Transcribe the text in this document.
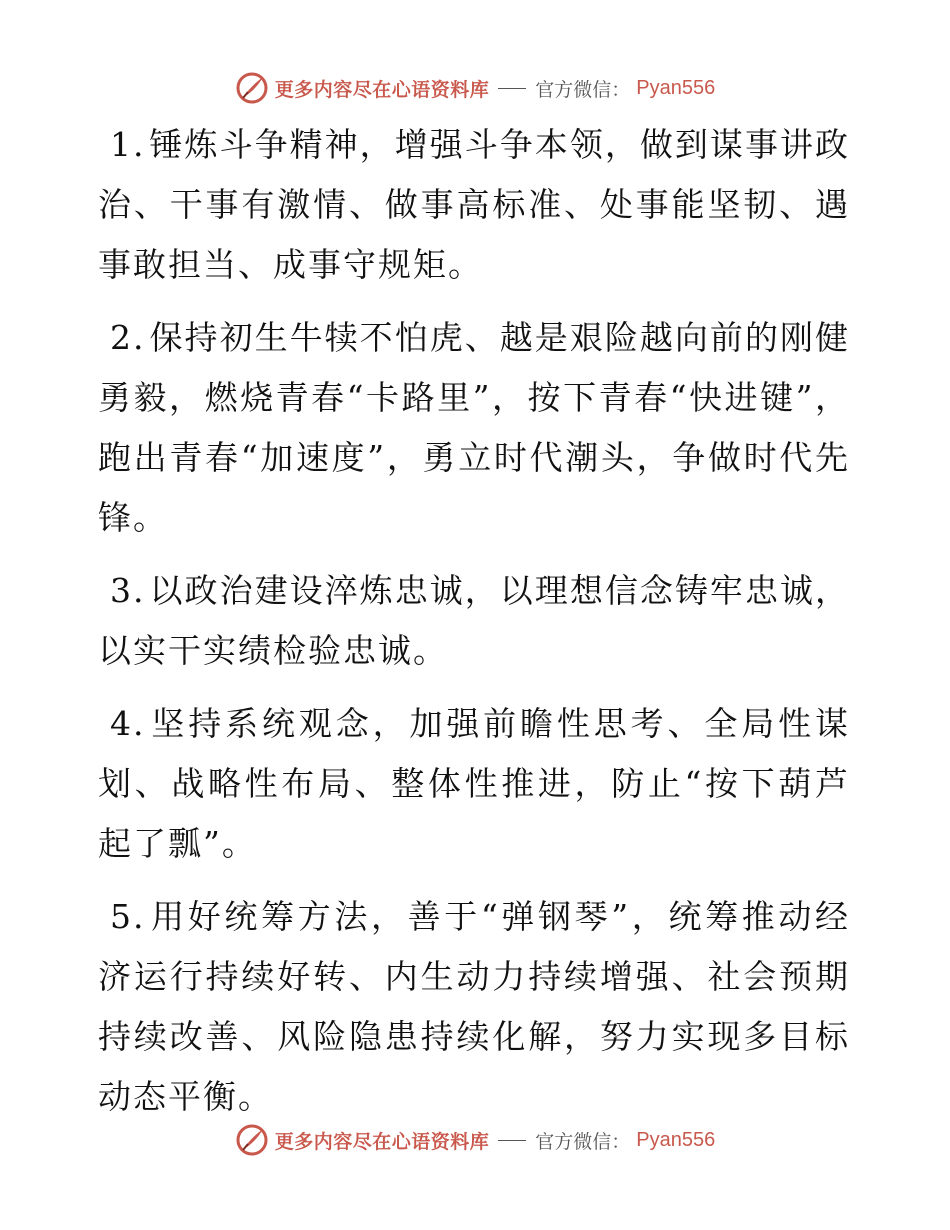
更多内容尽在心语资料库 官方微信： Pyan556

1. 锤炼斗争精神，增强斗争本领，做到谋事讲政治、干事有激情、做事高标准、处事能坚韧、遇事敢担当、成事守规矩。

2. 保持初生牛犊不怕虎、越是艰险越向前的刚健勇毅，燃烧青春“卡路里”，按下青春“快进键”，跑出青春“加速度”，勇立时代潮头，争做时代先锋。

3. 以政治建设淬炼忠诚，以理想信念铸牢忠诚，以实干实绩检验忠诚。

4. 坚持系统观念，加强前瞻性思考、全局性谋划、战略性布局、整体性推进，防止“按下葫芦起了瓢”。

5. 用好统筹方法，善于“弹钢琴”，统筹推动经济运行持续好转、内生动力持续增强、社会预期持续改善、风险隐患持续化解，努力实现多目标动态平衡。

更多内容尽在心语资料库 官方微信： Pyan556
